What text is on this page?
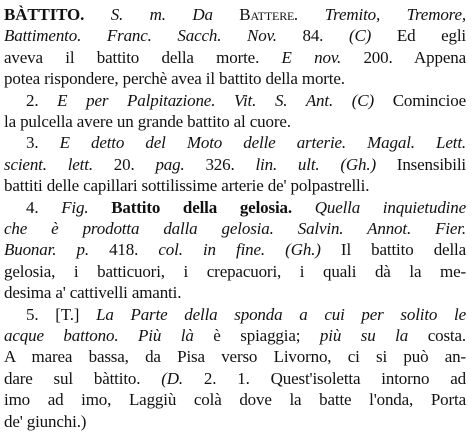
BÀTTITO. S. m. Da Battere. Tremito, Tremore,
Battimento. Franc. Sacch. Nov. 84. (C) Ed egli
aveva il battito della morte. E nov. 200. Appena
potea rispondere, perchè avea il battito della morte.
2. E per Palpitazione. Vit. S. Ant. (C) Comincioe
la pulcella avere un grande battito al cuore.
3. E detto del Moto delle arterie. Magal. Lett.
scient. lett. 20. pag. 326. lin. ult. (Gh.) Insensibili
battiti delle capillari sottilissime arterie de' polpastrelli.
4. Fig. Battito della gelosia. Quella inquietudine
che è prodotta dalla gelosia. Salvin. Annot. Fier.
Buonar. p. 418. col. in fine. (Gh.) Il battito della
gelosia, i batticuori, i crepacuori, i quali dà la me-
desima a' cattivelli amanti.
5. [T.] La Parte della sponda a cui per solito le
acque battono. Più là è spiaggia; più su la costa.
A marea bassa, da Pisa verso Livorno, ci si può an-
dare sul bàttito. (D. 2. 1. Quest'isoletta intorno ad
imo ad imo, Laggiù colà dove la batte l'onda, Porta
de' giunchi.)
